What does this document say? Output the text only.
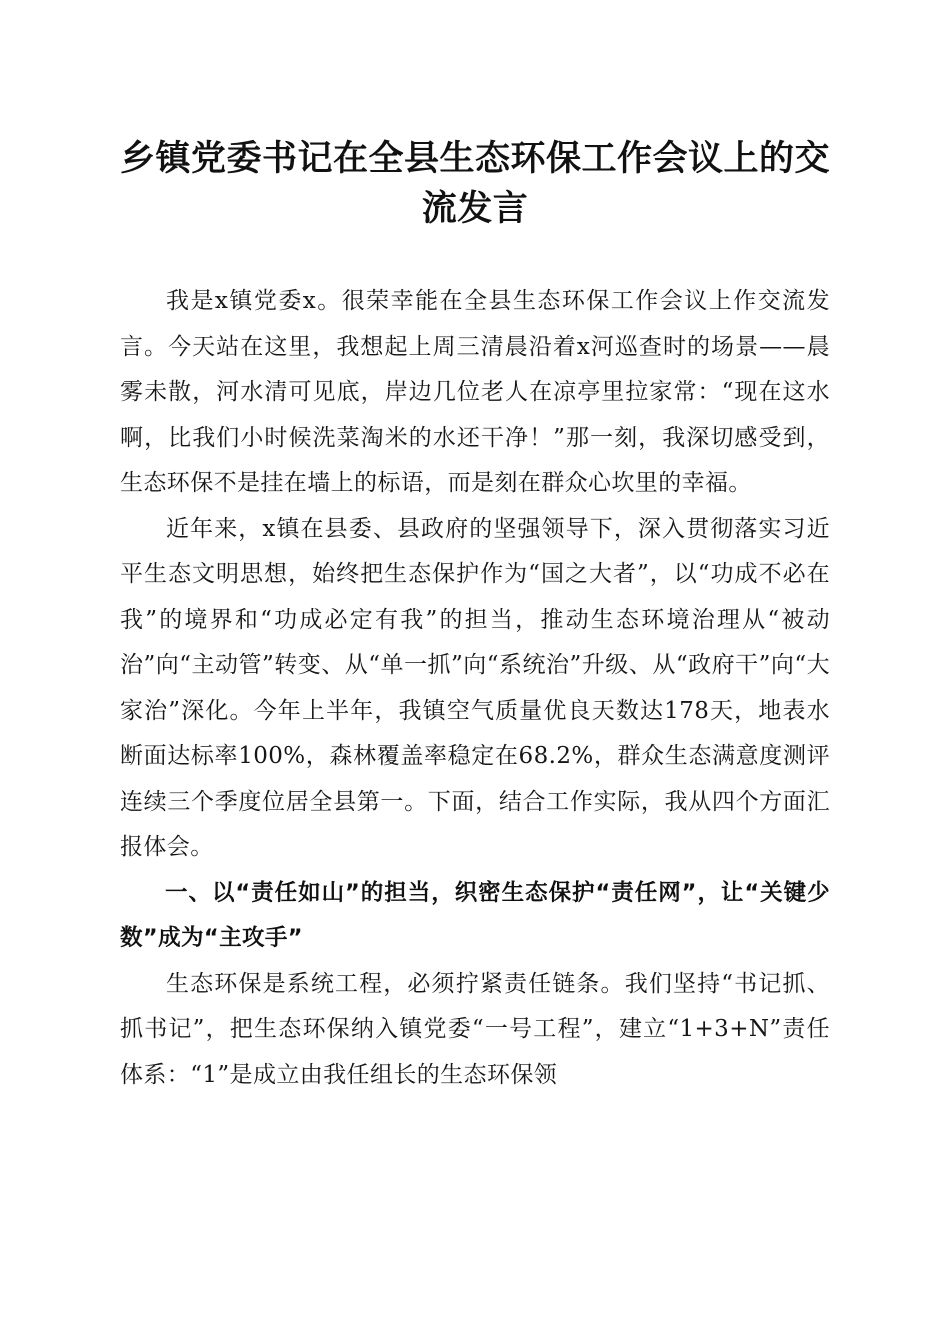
乡镇党委书记在全县生态环保工作会议上的交流发言

我是x镇党委x。很荣幸能在全县生态环保工作会议上作交流发言。今天站在这里，我想起上周三清晨沿着x河巡查时的场景——晨雾未散，河水清可见底，岸边几位老人在凉亭里拉家常：“现在这水啊，比我们小时候洗菜淘米的水还干净！”那一刻，我深切感受到，生态环保不是挂在墙上的标语，而是刻在群众心坎里的幸福。

近年来，x镇在县委、县政府的坚强领导下，深入贯彻落实习近平生态文明思想，始终把生态保护作为“国之大者”，以“功成不必在我”的境界和“功成必定有我”的担当，推动生态环境治理从“被动治”向“主动管”转变、从“单一抓”向“系统治”升级、从“政府干”向“大家治”深化。今年上半年，我镇空气质量优良天数达178天，地表水断面达标率100%，森林覆盖率稳定在68.2%，群众生态满意度测评连续三个季度位居全县第一。下面，结合工作实际，我从四个方面汇报体会。

一、以“责任如山”的担当，织密生态保护“责任网”，让“关键少数”成为“主攻手”

生态环保是系统工程，必须拧紧责任链条。我们坚持“书记抓、抓书记”，把生态环保纳入镇党委“一号工程”，建立“1+3+N”责任体系：“1”是成立由我任组长的生态环保领
